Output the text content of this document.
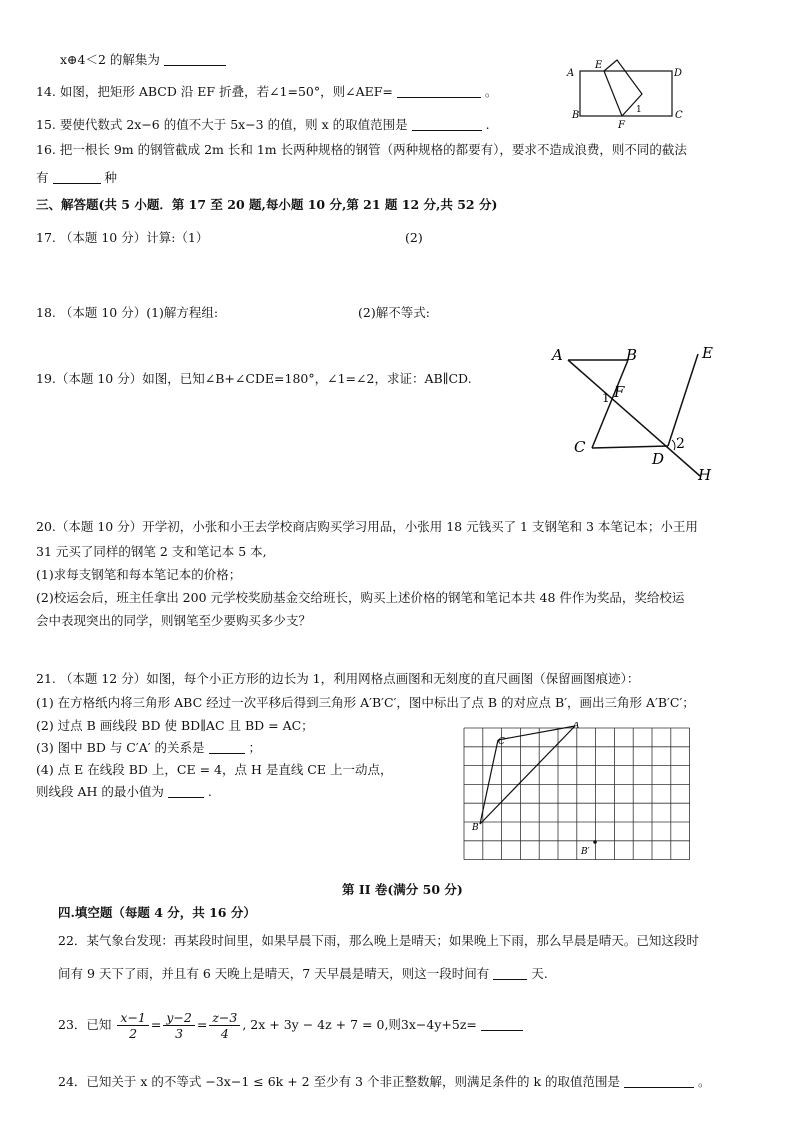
x⊕4＜2 的解集为
14. 如图，把矩形 ABCD 沿 EF 折叠，若∠1=50°，则∠AEF=	。
A
B	C
D
E
F
1
15. 要使代数式 2x−6 的值不大于 5x−3 的值，则 x 的取值范围是	.
16. 把一根长 9m 的钢管截成 2m 长和 1m 长两种规格的钢管（两种规格的都要有），要求不造成浪费，则不同的截法
有	种
三、解答题(共 5 小题．第 17 至 20 题,每小题 10 分,第 21 题 12 分,共 52 分)
17. （本题 10 分）计算:（1）	(2)
18. （本题 10 分）(1)解方程组:	(2)解不等式:
19.（本题 10 分）如图，已知∠B+∠CDE=180°，∠1=∠2，求证：AB∥CD.
A	B
C
D
E
F
H
1
2
20.（本题 10 分）开学初，小张和小王去学校商店购买学习用品，小张用 18 元钱买了 1 支钢笔和 3 本笔记本；小王用
31 元买了同样的钢笔 2 支和笔记本 5 本,
(1)求每支钢笔和每本笔记本的价格；
(2)校运会后，班主任拿出 200 元学校奖励基金交给班长，购买上述价格的钢笔和笔记本共 48 件作为奖品，奖给校运
会中表现突出的同学，则钢笔至少要购买多少支？
21. （本题 12 分）如图，每个小正方形的边长为 1，利用网格点画图和无刻度的直尺画图（保留画图痕迹）：
(1) 在方格纸内将三角形 ABC 经过一次平移后得到三角形 A′B′C′，图中标出了点 B 的对应点 B′，画出三角形 A′B′C′；
(2) 过点 B 画线段 BD 使 BD∥AC 且 BD = AC；
(3) 图中 BD 与 C′A′ 的关系是	；
(4) 点 E 在线段 BD 上，CE = 4，点 H 是直线 CE 上一动点，
则线段 AH 的最小值为	.
A
B
C
B′
第 II 卷(满分 50 分)
四.填空题（每题 4 分，共 16 分）
22．某气象台发现：再某段时间里，如果早晨下雨，那么晚上是晴天；如果晚上下雨，那么早晨是晴天。已知这段时
间有 9 天下了雨，并且有 6 天晚上是晴天，7 天早晨是晴天，则这一段时间有	天.
23．已知 $\frac{x-1}{2} = \frac{y-2}{3} = \frac{z-3}{4}$ , 2x + 3y − 4z + 7 = 0,则3x−4y+5z=
24．已知关于 x 的不等式 −3x−1 ≤ 6k + 2 至少有 3 个非正整数解，则满足条件的 k 的取值范围是	。
